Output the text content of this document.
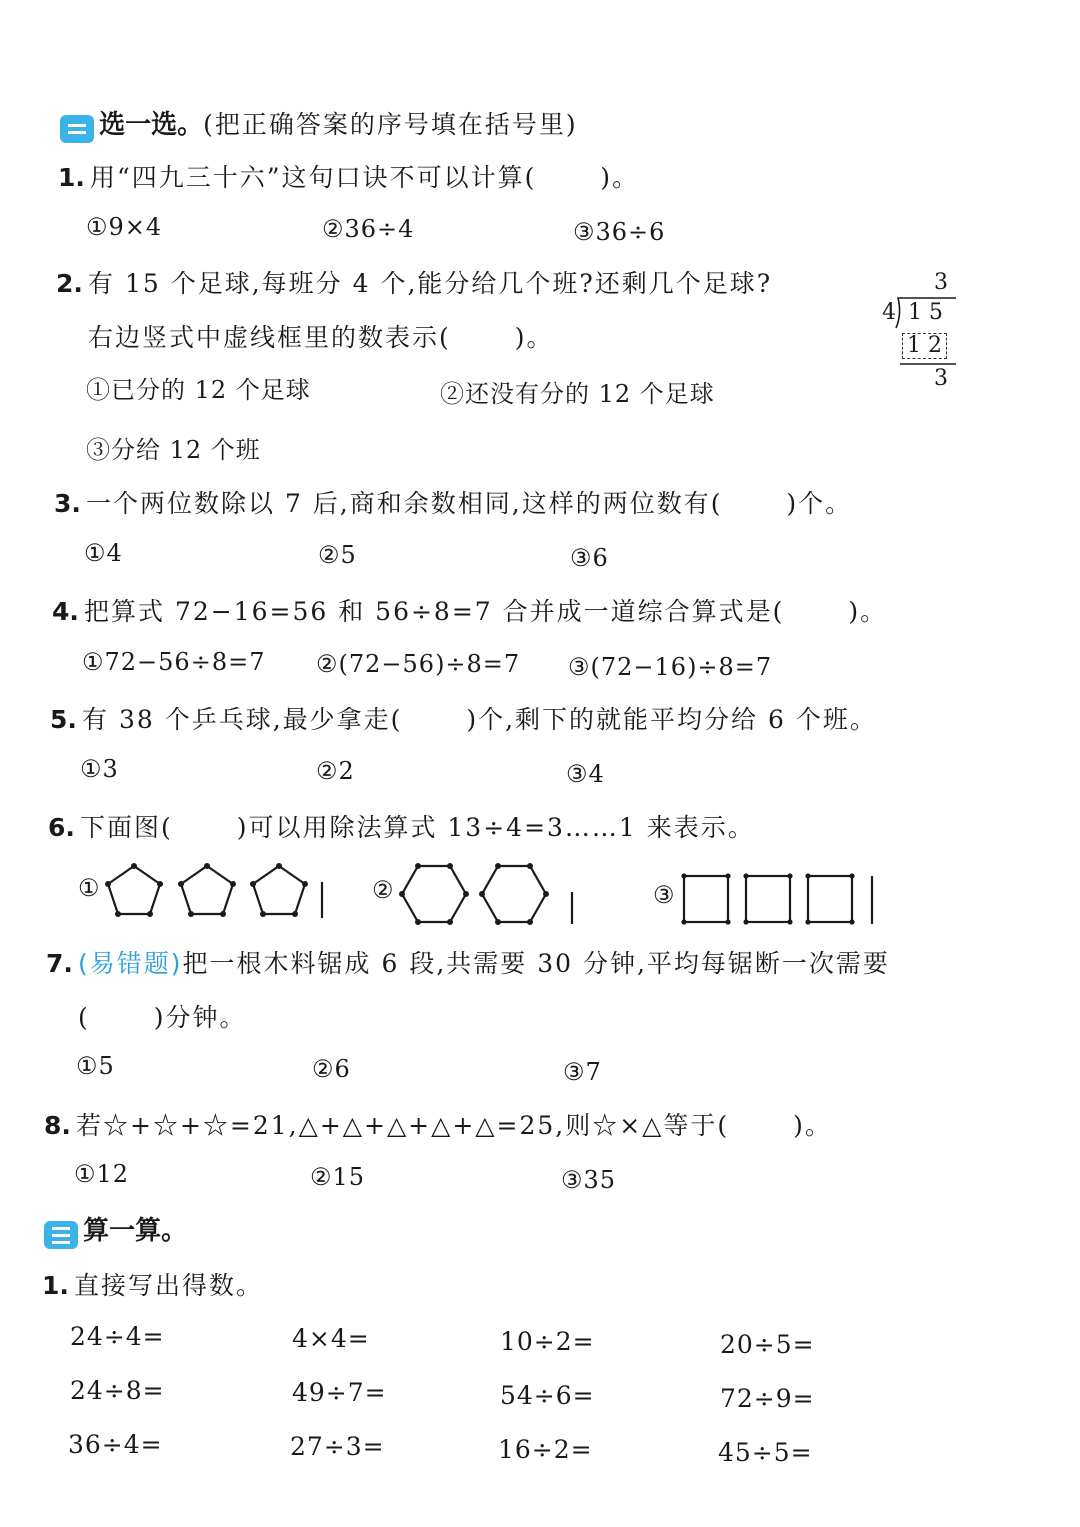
选一选。(把正确答案的序号填在括号里)
1. 用“四九三十六”这句口诀不可以计算(　　 )。
①9×4	②36÷4	③36÷6
2. 有 15 个足球,每班分 4 个,能分给几个班?还剩几个足球?
右边竖式中虚线框里的数表示(　　 )。
①已分的 12 个足球	②还没有分的 12 个足球
③分给 12 个班
3
4 1 5
1 2
3
3. 一个两位数除以 7 后,商和余数相同,这样的两位数有(　　 )个。
①4	②5	③6
4. 把算式 72−16=56 和 56÷8=7 合并成一道综合算式是(　　 )。
①72−56÷8=7 ②(72−56)÷8=7 ③(72−16)÷8=7
5. 有 38 个乒乓球,最少拿走(　　 )个,剩下的就能平均分给 6 个班。
①3	②2	③4
6. 下面图(　　 )可以用除法算式 13÷4=3……1 来表示。
①	②	③
7. (易错题)把一根木料锯成 6 段,共需要 30 分钟,平均每锯断一次需要
(　　 )分钟。
①5	②6	③7
8. 若☆+☆+☆=21,△+△+△+△+△=25,则☆×△等于(　　 )。
①12	②15	③35
算一算。
1. 直接写出得数。
24÷4=	4×4=	10÷2=	20÷5=
24÷8=	49÷7=	54÷6=	72÷9=
36÷4=	27÷3=	16÷2=	45÷5=
